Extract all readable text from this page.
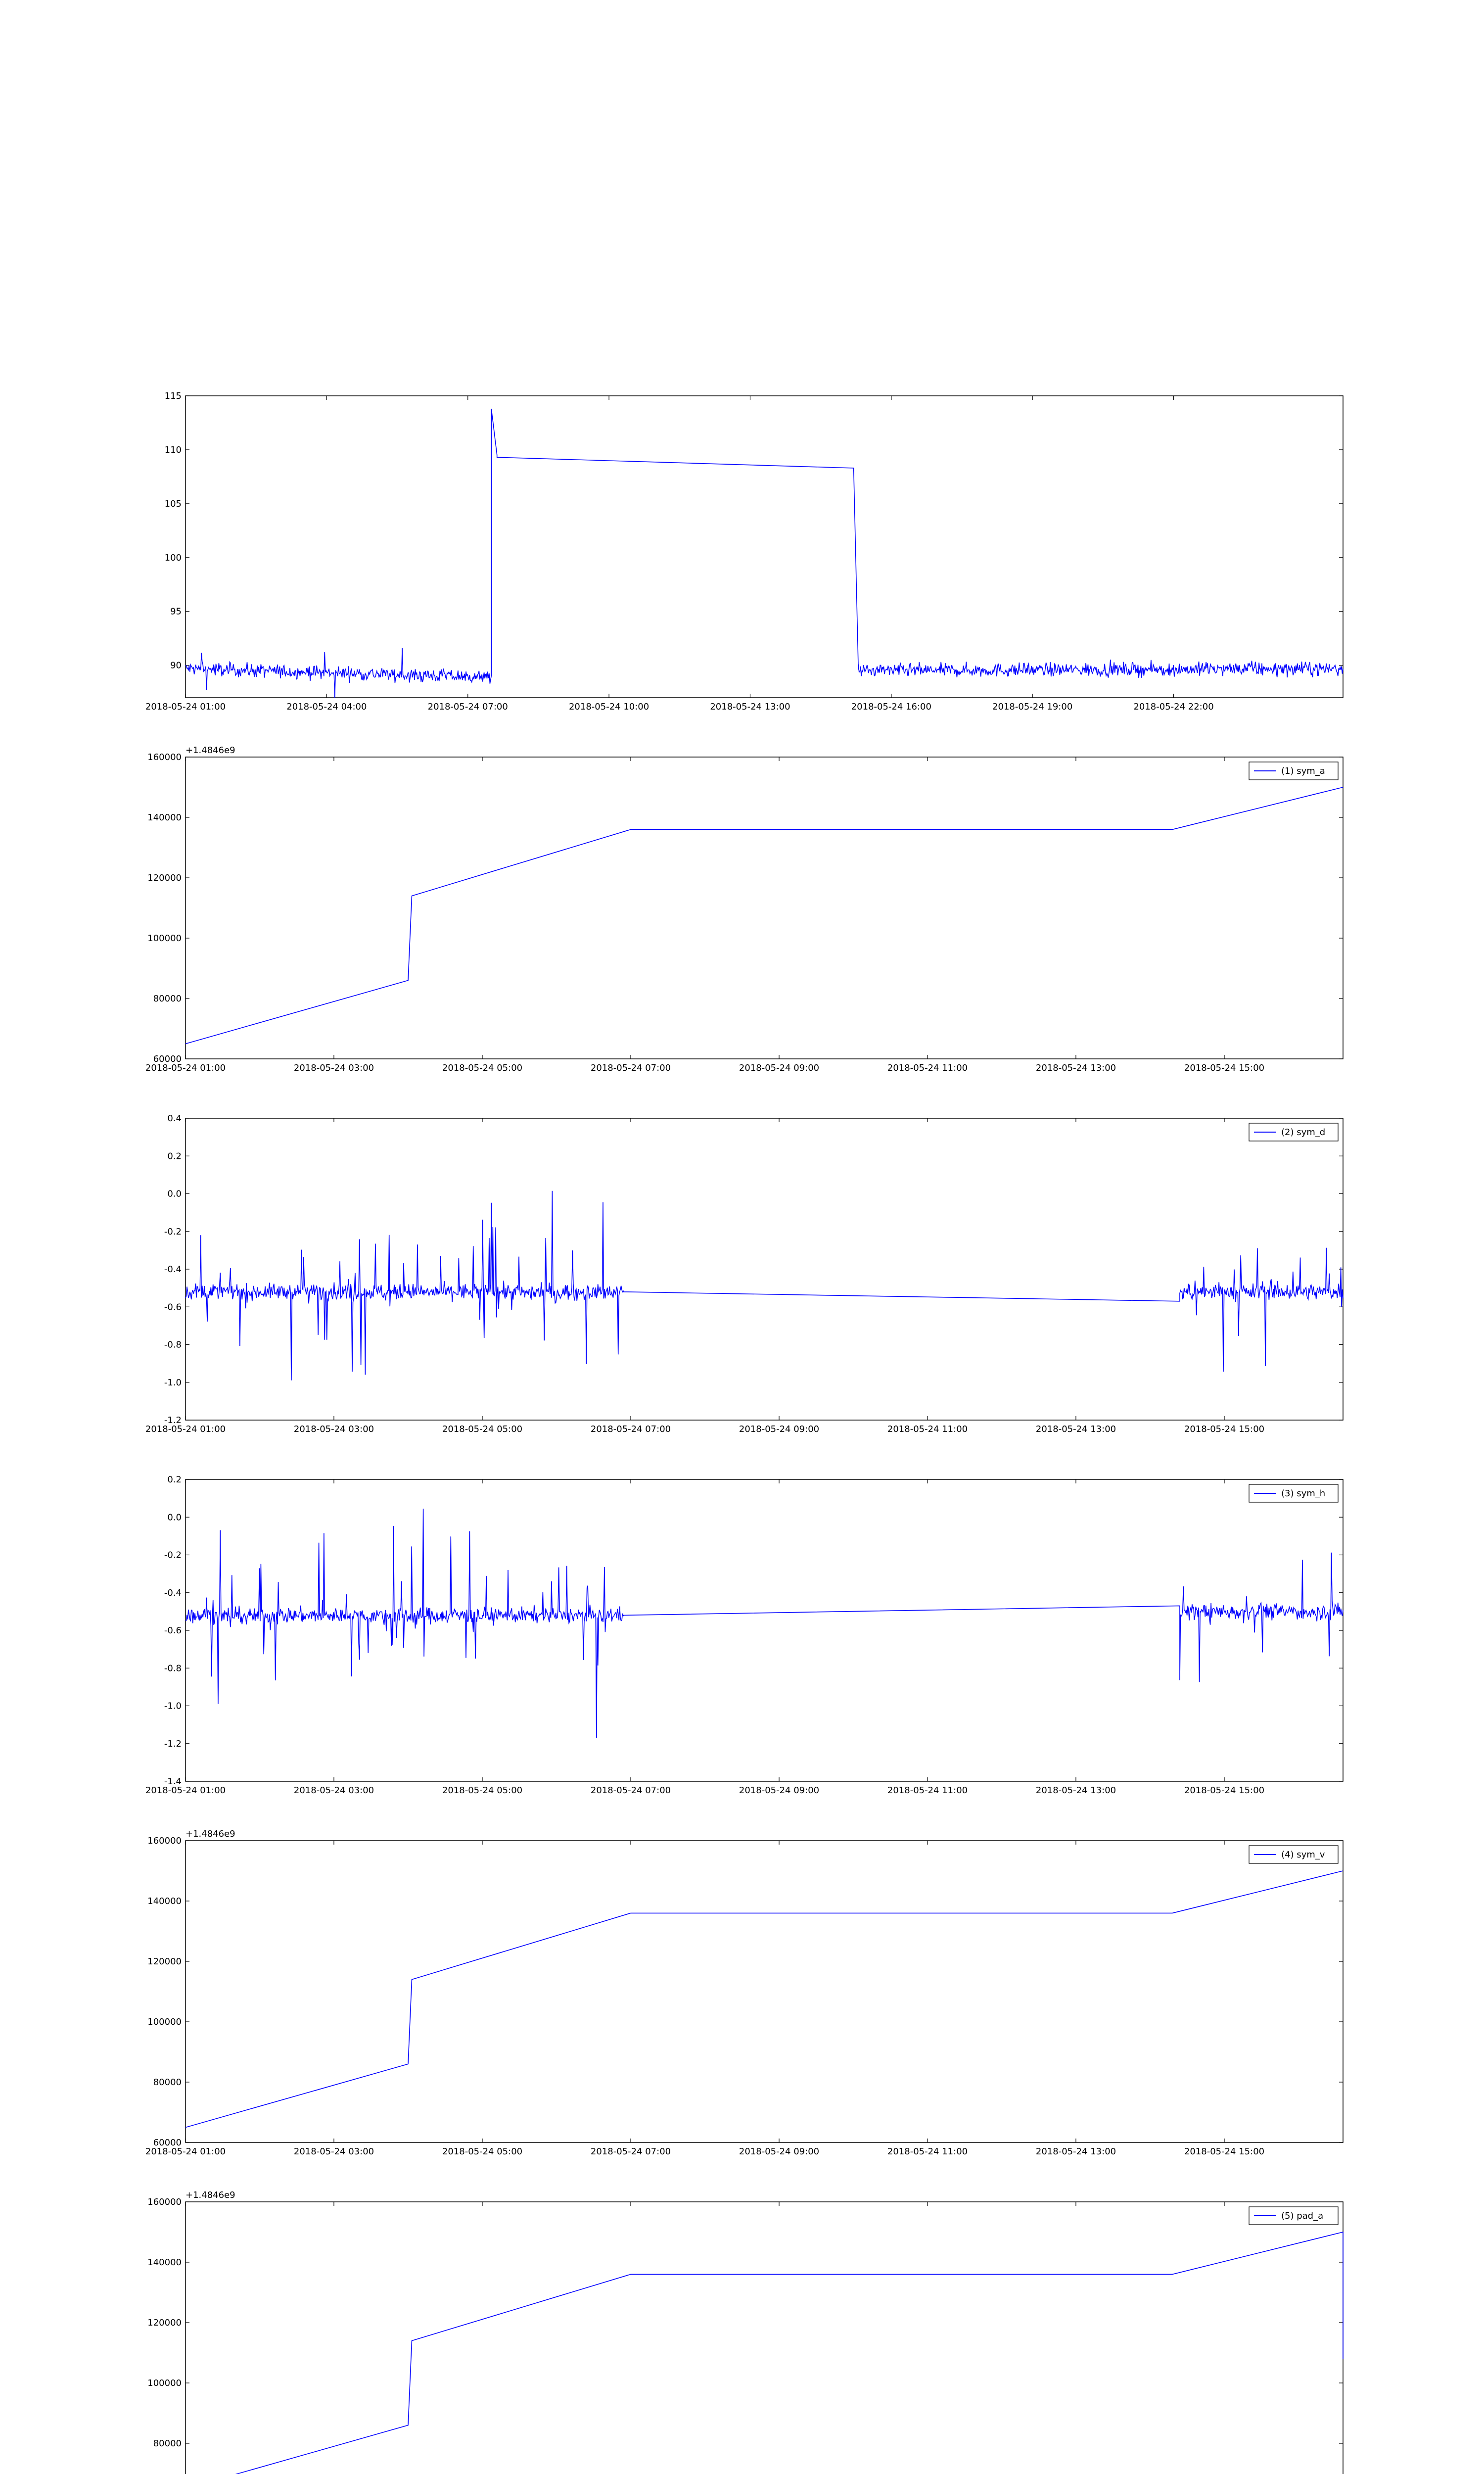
90
95
100
105
110
115
2018-05-24 01:00	2018-05-24 04:00	2018-05-24 07:00	2018-05-24 10:00	2018-05-24 13:00	2018-05-24 16:00	2018-05-24 19:00	2018-05-24 22:00
60000
80000
100000
120000
140000
160000
2018-05-24 01:00	2018-05-24 03:00	2018-05-24 05:00	2018-05-24 07:00	2018-05-24 09:00	2018-05-24 11:00	2018-05-24 13:00	2018-05-24 15:00
+1.4846e9
(1) sym_a
-1.2
-1.0
-0.8
-0.6
-0.4
-0.2
0.0
0.2
0.4
2018-05-24 01:00	2018-05-24 03:00	2018-05-24 05:00	2018-05-24 07:00	2018-05-24 09:00	2018-05-24 11:00	2018-05-24 13:00	2018-05-24 15:00
(2) sym_d
-1.4
-1.2
-1.0
-0.8
-0.6
-0.4
-0.2
0.0
0.2
2018-05-24 01:00	2018-05-24 03:00	2018-05-24 05:00	2018-05-24 07:00	2018-05-24 09:00	2018-05-24 11:00	2018-05-24 13:00	2018-05-24 15:00
(3) sym_h
60000
80000
100000
120000
140000
160000
2018-05-24 01:00	2018-05-24 03:00	2018-05-24 05:00	2018-05-24 07:00	2018-05-24 09:00	2018-05-24 11:00	2018-05-24 13:00	2018-05-24 15:00
+1.4846e9
(4) sym_v
80000
100000
120000
140000
160000
+1.4846e9
(5) pad_a
